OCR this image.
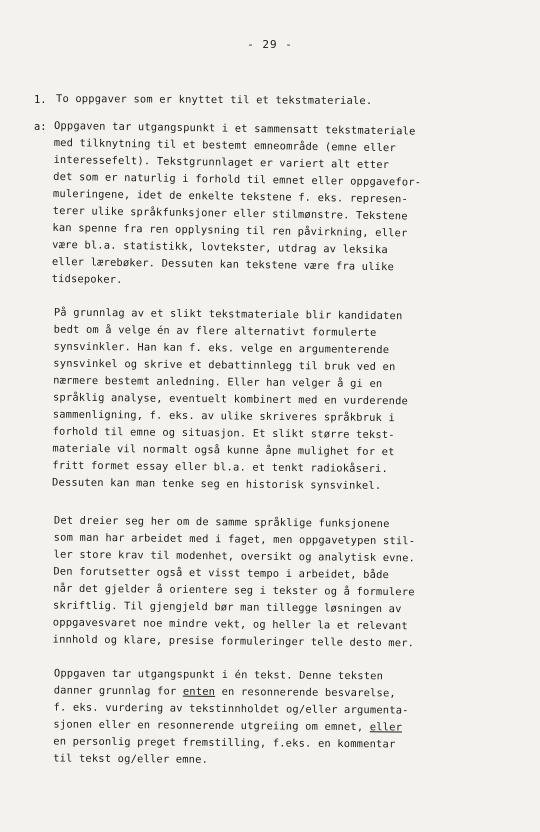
- 29 -
1. To oppgaver som er knyttet til et tekstmateriale.
a: Oppgaven tar utgangspunkt i et sammensatt tekstmateriale
med tilknytning til et bestemt emneområde (emne eller
interessefelt). Tekstgrunnlaget er variert alt etter
det som er naturlig i forhold til emnet eller oppgavefor-
muleringene, idet de enkelte tekstene f. eks. represen-
terer ulike språkfunksjoner eller stilmønstre. Tekstene
kan spenne fra ren opplysning til ren påvirkning, eller
være bl.a. statistikk, lovtekster, utdrag av leksika
eller lærebøker. Dessuten kan tekstene være fra ulike
tidsepoker.
På grunnlag av et slikt tekstmateriale blir kandidaten
bedt om å velge én av flere alternativt formulerte
synsvinkler. Han kan f. eks. velge en argumenterende
synsvinkel og skrive et debattinnlegg til bruk ved en
nærmere bestemt anledning. Eller han velger å gi en
språklig analyse, eventuelt kombinert med en vurderende
sammenligning, f. eks. av ulike skriveres språkbruk i
forhold til emne og situasjon. Et slikt større tekst-
materiale vil normalt også kunne åpne mulighet for et
fritt formet essay eller bl.a. et tenkt radiokåseri.
Dessuten kan man tenke seg en historisk synsvinkel.
Det dreier seg her om de samme språklige funksjonene
som man har arbeidet med i faget, men oppgavetypen stil-
ler store krav til modenhet, oversikt og analytisk evne.
Den forutsetter også et visst tempo i arbeidet, både
når det gjelder å orientere seg i tekster og å formulere
skriftlig. Til gjengjeld bør man tillegge løsningen av
oppgavesvaret noe mindre vekt, og heller la et relevant
innhold og klare, presise formuleringer telle desto mer.
Oppgaven tar utgangspunkt i én tekst. Denne teksten
danner grunnlag for enten en resonnerende besvarelse,
f. eks. vurdering av tekstinnholdet og/eller argumenta-
sjonen eller en resonnerende utgreiing om emnet, eller
en personlig preget fremstilling, f.eks. en kommentar
til tekst og/eller emne.
